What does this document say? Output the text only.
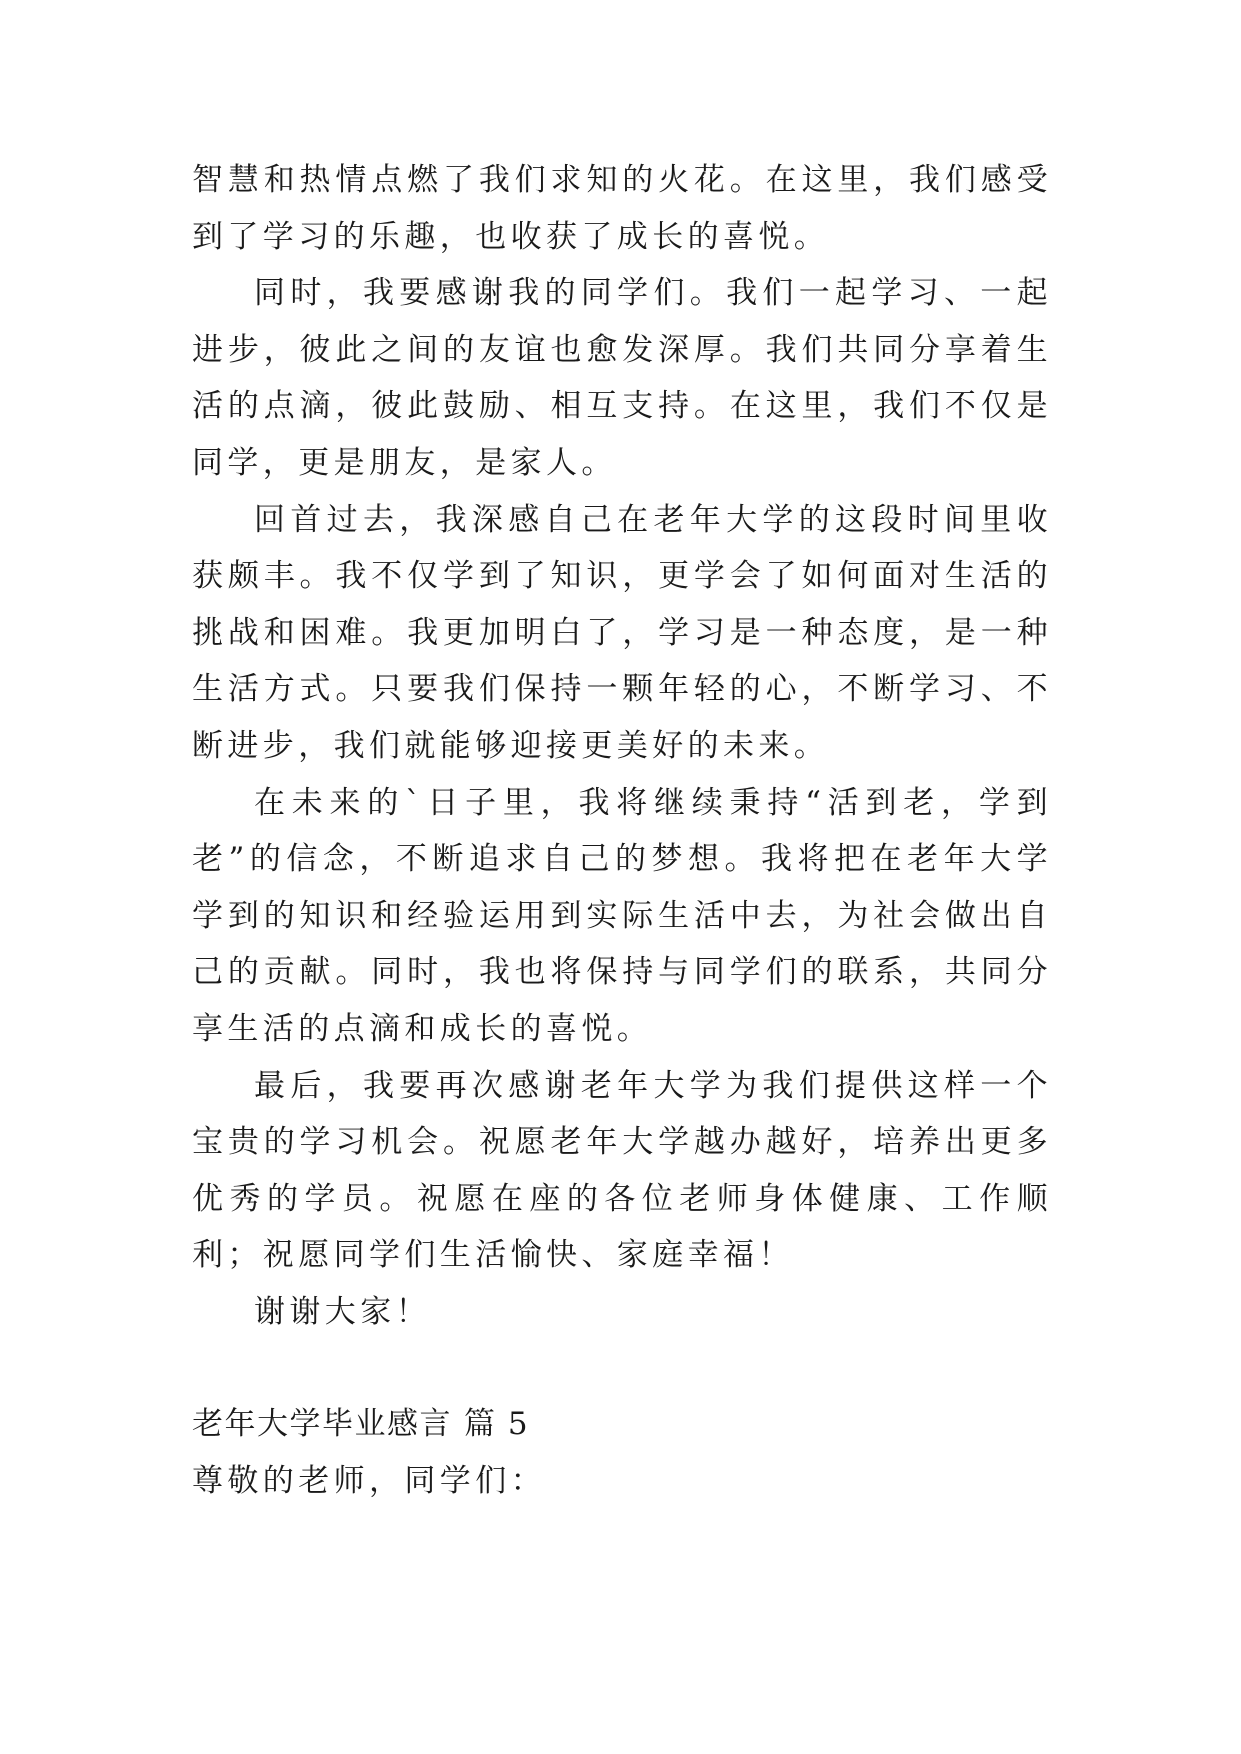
智慧和热情点燃了我们求知的火花。在这里，我们感受到了学习的乐趣，也收获了成长的喜悦。

同时，我要感谢我的同学们。我们一起学习、一起进步，彼此之间的友谊也愈发深厚。我们共同分享着生活的点滴，彼此鼓励、相互支持。在这里，我们不仅是同学，更是朋友，是家人。

回首过去，我深感自己在老年大学的这段时间里收获颇丰。我不仅学到了知识，更学会了如何面对生活的挑战和困难。我更加明白了，学习是一种态度，是一种生活方式。只要我们保持一颗年轻的心，不断学习、不断进步，我们就能够迎接更美好的未来。

在未来的`日子里，我将继续秉持“活到老，学到老”的信念，不断追求自己的梦想。我将把在老年大学学到的知识和经验运用到实际生活中去，为社会做出自己的贡献。同时，我也将保持与同学们的联系，共同分享生活的点滴和成长的喜悦。

最后，我要再次感谢老年大学为我们提供这样一个宝贵的学习机会。祝愿老年大学越办越好，培养出更多优秀的学员。祝愿在座的各位老师身体健康、工作顺利；祝愿同学们生活愉快、家庭幸福！

谢谢大家！

老年大学毕业感言 篇 5

尊敬的老师，同学们：
